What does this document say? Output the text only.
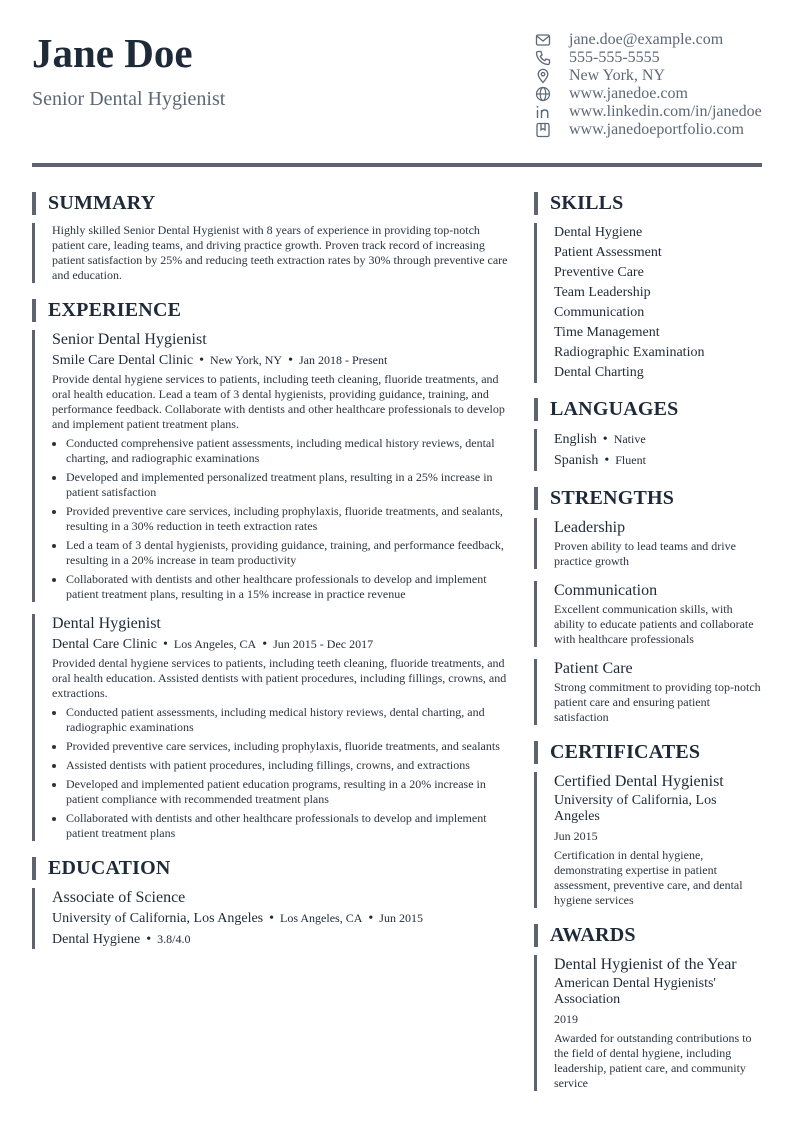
Jane Doe
Senior Dental Hygienist
jane.doe@example.com
555-555-5555
New York, NY
www.janedoe.com
www.linkedin.com/in/janedoe
www.janedoeportfolio.com
SUMMARY
Highly skilled Senior Dental Hygienist with 8 years of experience in providing top-notch patient care, leading teams, and driving practice growth. Proven track record of increasing patient satisfaction by 25% and reducing teeth extraction rates by 30% through preventive care and education.
EXPERIENCE
Senior Dental Hygienist
Smile Care Dental Clinic • New York, NY • Jan 2018 - Present
Provide dental hygiene services to patients, including teeth cleaning, fluoride treatments, and oral health education. Lead a team of 3 dental hygienists, providing guidance, training, and performance feedback. Collaborate with dentists and other healthcare professionals to develop and implement patient treatment plans.
• Conducted comprehensive patient assessments, including medical history reviews, dental charting, and radiographic examinations
• Developed and implemented personalized treatment plans, resulting in a 25% increase in patient satisfaction
• Provided preventive care services, including prophylaxis, fluoride treatments, and sealants, resulting in a 30% reduction in teeth extraction rates
• Led a team of 3 dental hygienists, providing guidance, training, and performance feedback, resulting in a 20% increase in team productivity
• Collaborated with dentists and other healthcare professionals to develop and implement patient treatment plans, resulting in a 15% increase in practice revenue
Dental Hygienist
Dental Care Clinic • Los Angeles, CA • Jun 2015 - Dec 2017
Provided dental hygiene services to patients, including teeth cleaning, fluoride treatments, and oral health education. Assisted dentists with patient procedures, including fillings, crowns, and extractions.
• Conducted patient assessments, including medical history reviews, dental charting, and radiographic examinations
• Provided preventive care services, including prophylaxis, fluoride treatments, and sealants
• Assisted dentists with patient procedures, including fillings, crowns, and extractions
• Developed and implemented patient education programs, resulting in a 20% increase in patient compliance with recommended treatment plans
• Collaborated with dentists and other healthcare professionals to develop and implement patient treatment plans
EDUCATION
Associate of Science
University of California, Los Angeles • Los Angeles, CA • Jun 2015
Dental Hygiene • 3.8/4.0
SKILLS
Dental Hygiene
Patient Assessment
Preventive Care
Team Leadership
Communication
Time Management
Radiographic Examination
Dental Charting
LANGUAGES
English • Native
Spanish • Fluent
STRENGTHS
Leadership
Proven ability to lead teams and drive practice growth
Communication
Excellent communication skills, with ability to educate patients and collaborate with healthcare professionals
Patient Care
Strong commitment to providing top-notch patient care and ensuring patient satisfaction
CERTIFICATES
Certified Dental Hygienist
University of California, Los Angeles
Jun 2015
Certification in dental hygiene, demonstrating expertise in patient assessment, preventive care, and dental hygiene services
AWARDS
Dental Hygienist of the Year
American Dental Hygienists' Association
2019
Awarded for outstanding contributions to the field of dental hygiene, including leadership, patient care, and community service
